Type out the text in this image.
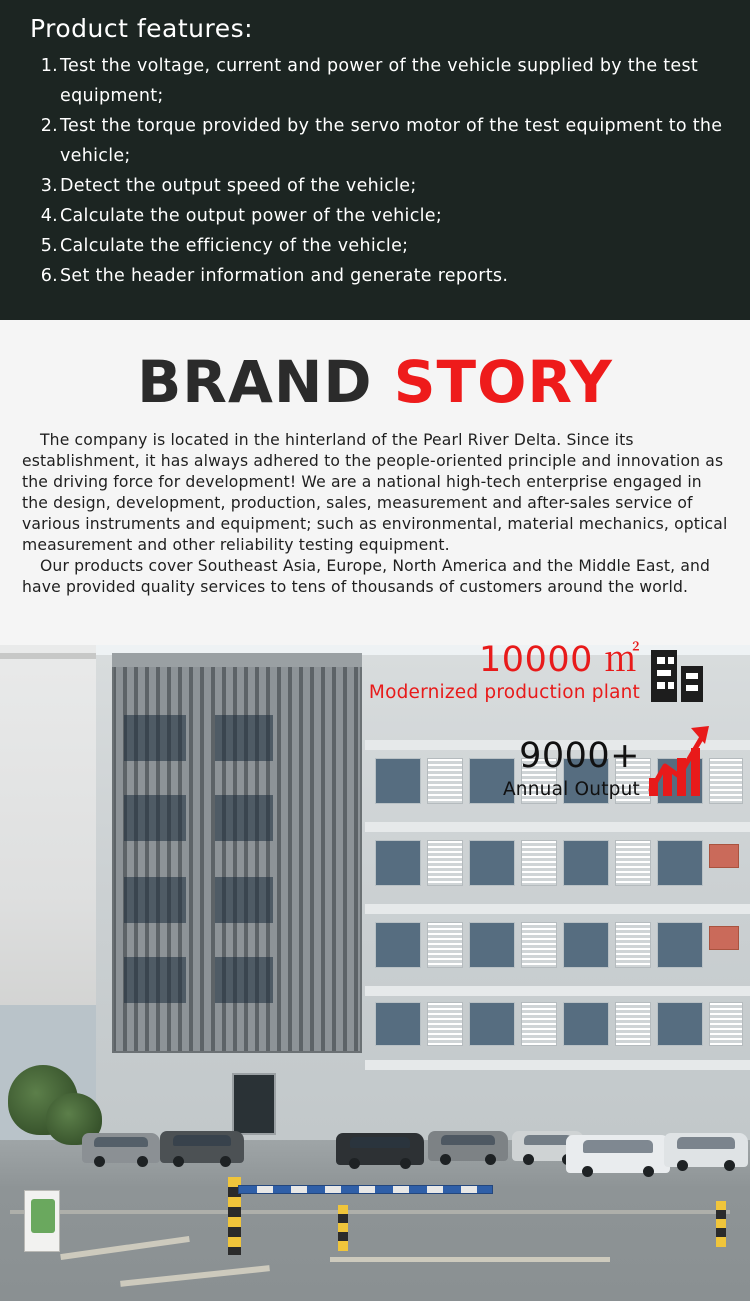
Product features:
1. Test the voltage, current and power of the vehicle supplied by the test equipment;
2. Test the torque provided by the servo motor of the test equipment to the vehicle;
3. Detect the output speed of the vehicle;
4. Calculate the output power of the vehicle;
5. Calculate the efficiency of the vehicle;
6. Set the header information and generate reports.
BRAND STORY

The company is located in the hinterland of the Pearl River Delta. Since its establishment, it has always adhered to the people-oriented principle and innovation as the driving force for development! We are a national high-tech enterprise engaged in the design, development, production, sales, measurement and after-sales service of various instruments and equipment; such as environmental, material mechanics, optical measurement and other reliability testing equipment.

Our products cover Southeast Asia, Europe, North America and the Middle East, and have provided quality services to tens of thousands of customers around the world.

10000 ㎡
Modernized production plant
9000+
Annual Output
